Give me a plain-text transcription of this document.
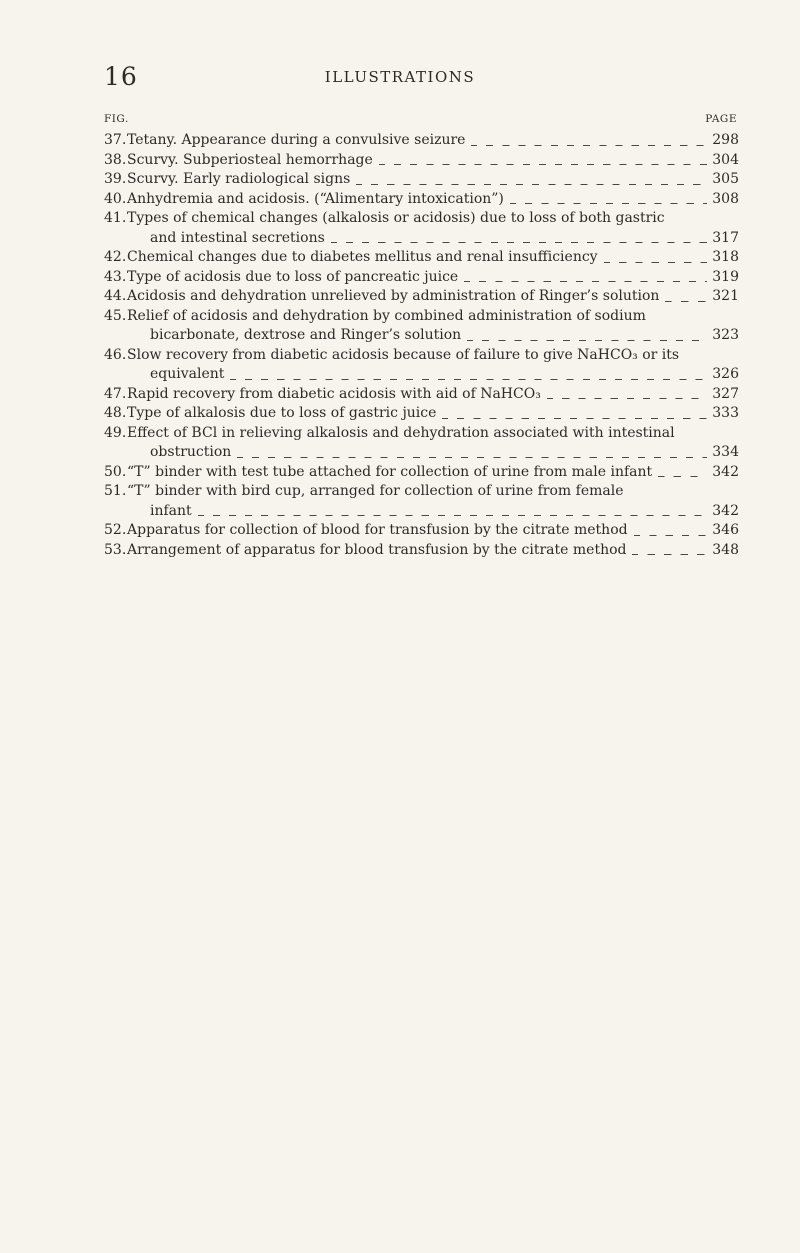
16	ILLUSTRATIONS
FIG.	PAGE
37. Tetany. Appearance during a convulsive seizure	298
38. Scurvy. Subperiosteal hemorrhage	304
39. Scurvy. Early radiological signs	305
40. Anhydremia and acidosis. (“Alimentary intoxication”)	308
41. Types of chemical changes (alkalosis or acidosis) due to loss of both gastric
and intestinal secretions	317
42. Chemical changes due to diabetes mellitus and renal insufficiency	318
43. Type of acidosis due to loss of pancreatic juice	319
44. Acidosis and dehydration unrelieved by administration of Ringer’s solution	321
45. Relief of acidosis and dehydration by combined administration of sodium
bicarbonate, dextrose and Ringer’s solution	323
46. Slow recovery from diabetic acidosis because of failure to give NaHCO₃ or its
equivalent	326
47. Rapid recovery from diabetic acidosis with aid of NaHCO₃	327
48. Type of alkalosis due to loss of gastric juice	333
49. Effect of BCl in relieving alkalosis and dehydration associated with intestinal
obstruction	334
50. “T” binder with test tube attached for collection of urine from male infant	342
51. “T” binder with bird cup, arranged for collection of urine from female
infant	342
52. Apparatus for collection of blood for transfusion by the citrate method	346
53. Arrangement of apparatus for blood transfusion by the citrate method	348
